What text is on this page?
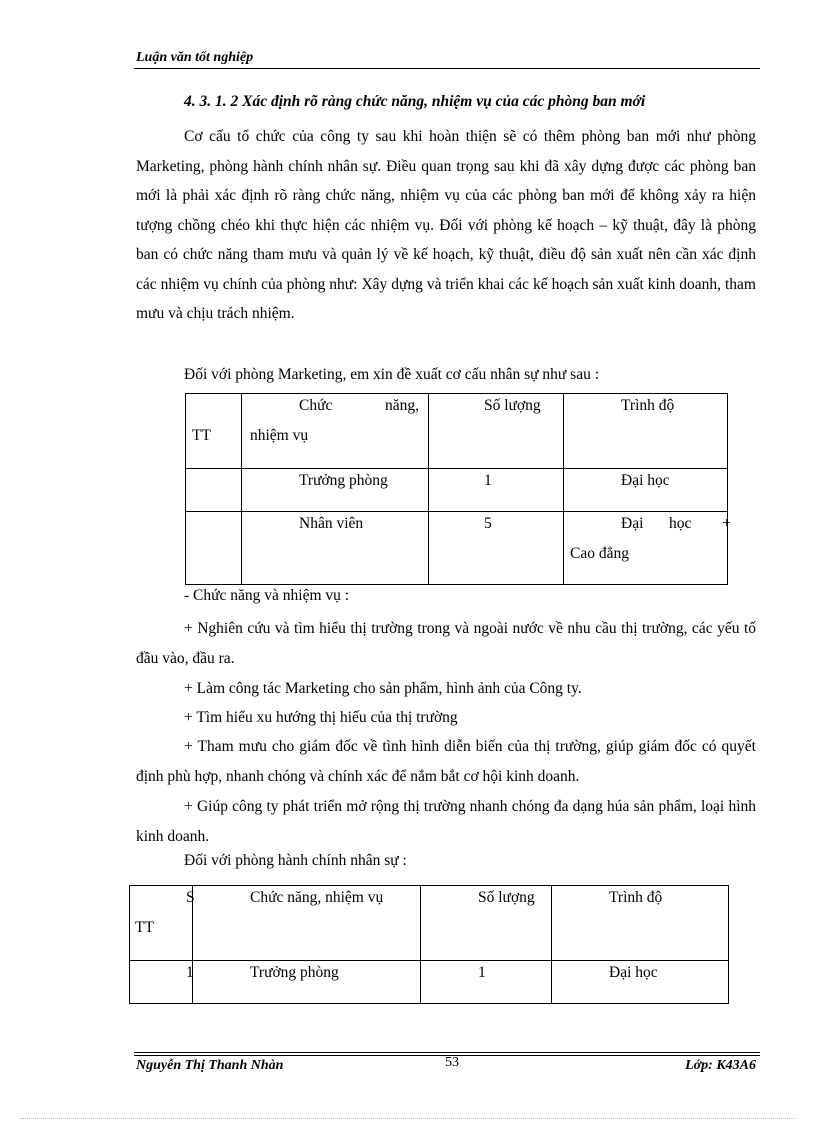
Luận văn tốt nghiệp
4. 3. 1. 2 Xác định rõ ràng chức năng, nhiệm vụ của các phòng ban mới

Cơ cấu tổ chức của công ty sau khi hoàn thiện sẽ có thêm phòng ban mới như phòng Marketing, phòng hành chính nhân sự. Điều quan trọng sau khi đã xây dựng được các phòng ban mới là phải xác định rõ ràng chức năng, nhiệm vụ của các phòng ban mới để không xảy ra hiện tượng chồng chéo khi thực hiện các nhiệm vụ. Đối với phòng kế hoạch – kỹ thuật, đây là phòng ban có chức năng tham mưu và quản lý về kế hoạch, kỹ thuật, điều độ sản xuất nên cần xác định các nhiệm vụ chính của phòng như: Xây dựng và triển khai các kế hoạch sản xuất kinh doanh, tham mưu và chịu trách nhiệm.

Đối với phòng Marketing, em xin đề xuất cơ cấu nhân sự như sau :
TT	Chức năng,
nhiệm vụ	Số lượng	Trình độ

	Trưởng phòng	1	Đại học

	Nhân viên	5	Đại học +
Cao đẳng
- Chức năng và nhiệm vụ :

+ Nghiên cứu và tìm hiểu thị trường trong và ngoài nước về nhu cầu thị trường, các yếu tố đầu vào, đầu ra.

+ Làm công tác Marketing cho sản phẩm, hình ảnh của Công ty.

+ Tìm hiểu xu hướng thị hiếu của thị trường

+ Tham mưu cho giám đốc về tình hình diễn biến của thị trường, giúp giám đốc có quyết định phù hợp, nhanh chóng và chính xác để nắm bắt cơ hội kinh doanh.

+ Giúp công ty phát triển mở rộng thị trường nhanh chóng đa dạng húa sản phẩm, loại hình kinh doanh.

Đối với phòng hành chính nhân sự :
S
TT	Chức năng, nhiệm vụ	Số lượng	Trình độ

1	Trưởng phòng	1	Đại học
Nguyễn Thị Thanh Nhàn	53	Lớp: K43A6
